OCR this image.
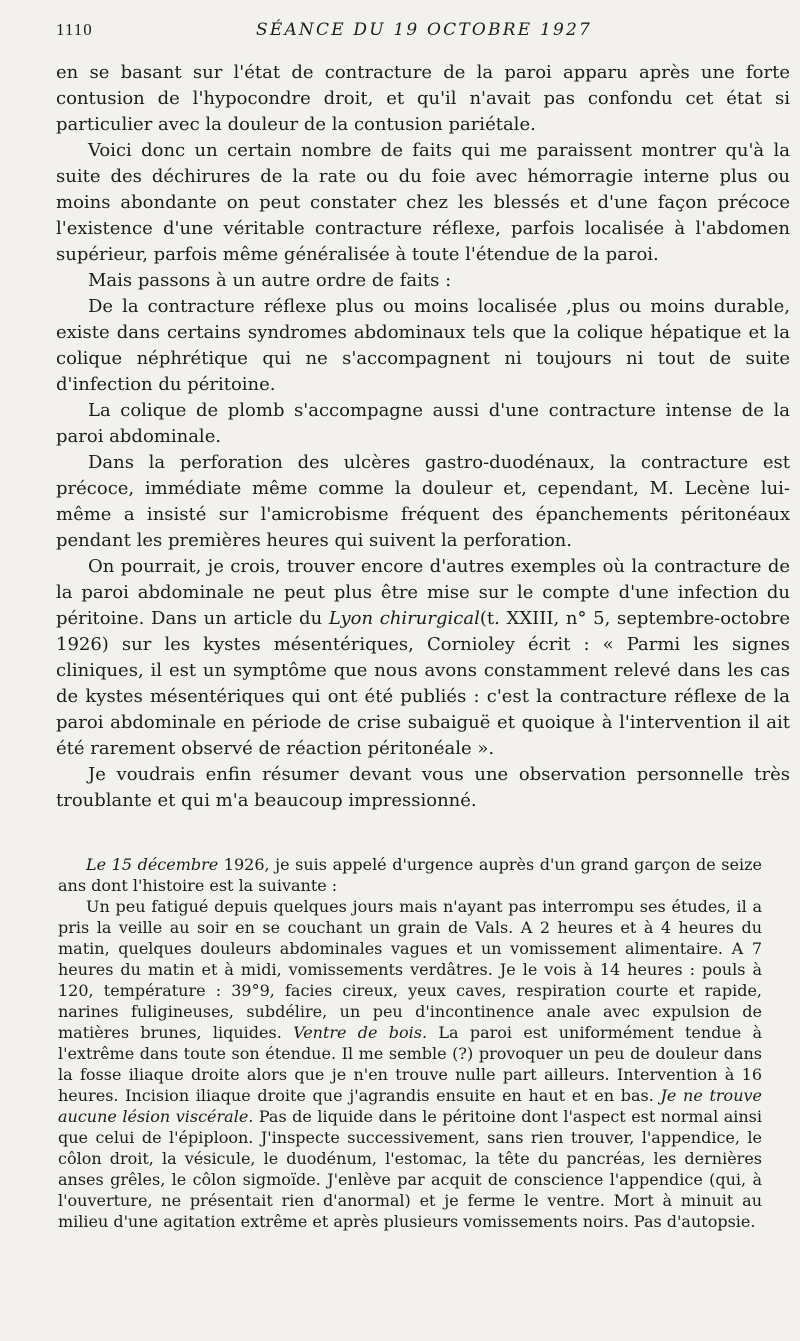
1110	SÉANCE DU 19 OCTOBRE 1927

en se basant sur l'état de contracture de la paroi apparu après une forte contusion de l'hypocondre droit, et qu'il n'avait pas confondu cet état si particulier avec la douleur de la contusion pariétale.

Voici donc un certain nombre de faits qui me paraissent montrer qu'à la suite des déchirures de la rate ou du foie avec hémorragie interne plus ou moins abondante on peut constater chez les blessés et d'une façon précoce l'existence d'une véritable contracture réflexe, parfois localisée à l'abdomen supérieur, parfois même généralisée à toute l'étendue de la paroi.

Mais passons à un autre ordre de faits :

De la contracture réflexe plus ou moins localisée ,plus ou moins durable, existe dans certains syndromes abdominaux tels que la colique hépatique et la colique néphrétique qui ne s'accompagnent ni toujours ni tout de suite d'infection du péritoine.

La colique de plomb s'accompagne aussi d'une contracture intense de la paroi abdominale.

Dans la perforation des ulcères gastro-duodénaux, la contracture est précoce, immédiate même comme la douleur et, cependant, M. Lecène lui-même a insisté sur l'amicrobisme fréquent des épanchements péritonéaux pendant les premières heures qui suivent la perforation.

On pourrait, je crois, trouver encore d'autres exemples où la contracture de la paroi abdominale ne peut plus être mise sur le compte d'une infection du péritoine. Dans un article du Lyon chirurgical(t. XXIII, n° 5, septembre-octobre 1926) sur les kystes mésentériques, Cornioley écrit : « Parmi les signes cliniques, il est un symptôme que nous avons constamment relevé dans les cas de kystes mésentériques qui ont été publiés : c'est la contracture réflexe de la paroi abdominale en période de crise subaiguë et quoique à l'intervention il ait été rarement observé de réaction péritonéale ».

Je voudrais enfin résumer devant vous une observation personnelle très troublante et qui m'a beaucoup impressionné.

Le 15 décembre 1926, je suis appelé d'urgence auprès d'un grand garçon de seize ans dont l'histoire est la suivante :

Un peu fatigué depuis quelques jours mais n'ayant pas interrompu ses études, il a pris la veille au soir en se couchant un grain de Vals. A 2 heures et à 4 heures du matin, quelques douleurs abdominales vagues et un vomissement alimentaire. A 7 heures du matin et à midi, vomissements verdâtres. Je le vois à 14 heures : pouls à 120, température : 39°9, facies cireux, yeux caves, respiration courte et rapide, narines fuligineuses, subdélire, un peu d'incontinence anale avec expulsion de matières brunes, liquides. Ventre de bois. La paroi est uniformément tendue à l'extrême dans toute son étendue. Il me semble (?) provoquer un peu de douleur dans la fosse iliaque droite alors que je n'en trouve nulle part ailleurs. Intervention à 16 heures. Incision iliaque droite que j'agrandis ensuite en haut et en bas. Je ne trouve aucune lésion viscérale. Pas de liquide dans le péritoine dont l'aspect est normal ainsi que celui de l'épiploon. J'inspecte successivement, sans rien trouver, l'appendice, le côlon droit, la vésicule, le duodénum, l'estomac, la tête du pancréas, les dernières anses grêles, le côlon sigmoïde. J'enlève par acquit de conscience l'appendice (qui, à l'ouverture, ne présentait rien d'anormal) et je ferme le ventre. Mort à minuit au milieu d'une agitation extrême et après plusieurs vomissements noirs. Pas d'autopsie.
